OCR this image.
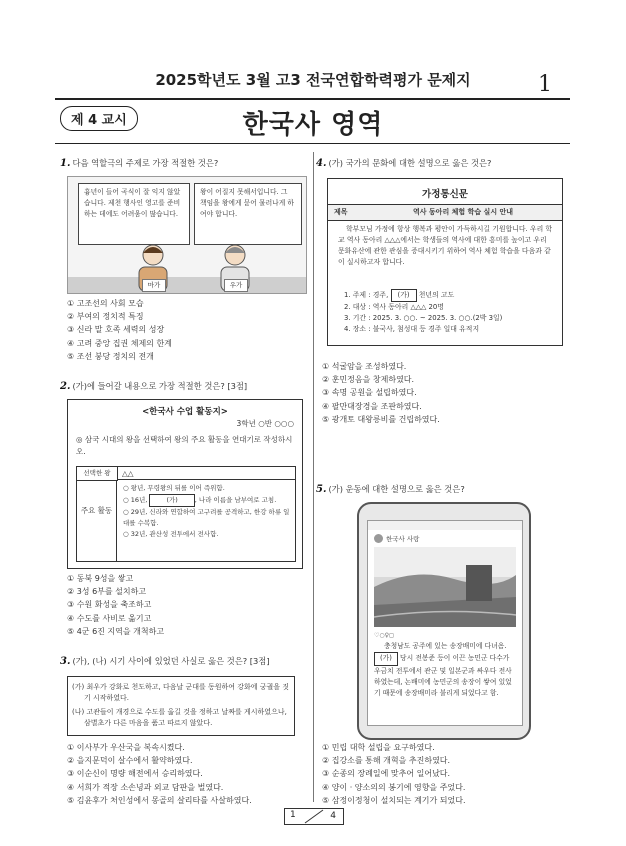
2025학년도 3월 고3 전국연합학력평가 문제지	1
제 4 교시	한국사 영역
1. 다음 역할극의 주제로 가장 적절한 것은?
흉년이 들어 곡식이 잘 익지 않았습니다. 제천 행사인 영고를 준비하는 데에도 어려움이 많습니다.
왕이 어질지 못해서입니다. 그 책임을 왕에게 묻어 물러나게 하여야 합니다.
마가	우가
① 고조선의 사회 모습
② 부여의 정치적 특징
③ 신라 말 호족 세력의 성장
④ 고려 중앙 집권 체제의 한계
⑤ 조선 붕당 정치의 전개
2. (가)에 들어갈 내용으로 가장 적절한 것은? [3점]
<한국사 수업 활동지>
3학년 ○반 ○○○
◎ 삼국 시대의 왕을 선택하여 왕의 주요 활동을 연대기로 작성하시오.
선택한 왕	△△
주요 활동
○ 왕년, 무령왕의 뒤를 이어 즉위함.
○ 16년,	(가)	, 나라 이름을 남부여로 고침.
○ 29년, 신라와 연합하여 고구려를 공격하고, 한강 하류 일대를 수복함.
○ 32년, 관산성 전투에서 전사함.
① 동북 9성을 쌓고
② 3성 6부를 설치하고
③ 수원 화성을 축조하고
④ 수도를 사비로 옮기고
⑤ 4군 6진 지역을 개척하고
3. (가), (나) 시기 사이에 있었던 사실로 옳은 것은? [3점]
(가) 최우가 강화로 천도하고, 다음날 군대를 동원하여 강화에 궁궐을 짓기 시작하였다.
(나) 고관들이 개경으로 수도를 옮길 것을 정하고 날짜를 게시하였으나, 삼별초가 다른 마음을 품고 따르지 않았다.
① 이사부가 우산국을 복속시켰다.
② 을지문덕이 살수에서 활약하였다.
③ 이순신이 명량 해전에서 승리하였다.
④ 서희가 적장 소손녕과 외교 담판을 벌였다.
⑤ 김윤후가 처인성에서 몽골의 살리타를 사살하였다.
4. (가) 국가의 문화에 대한 설명으로 옳은 것은?
가정통신문
제목	역사 동아리 체험 학습 실시 안내
학부모님 가정에 항상 행복과 평안이 가득하시길 기원합니다. 우리 학교 역사 동아리 △△△에서는 학생들의 역사에 대한 흥미를 높이고 우리 문화유산에 관한 관심을 증대시키기 위하여 역사 체험 학습을 다음과 같이 실시하고자 합니다.
1. 주제 : 경주, (가) 천년의 고도
2. 대상 : 역사 동아리 △△△ 20명
3. 기간 : 2025. 3. ○○. ~ 2025. 3. ○○.(2박 3일)
4. 장소 : 불국사, 첨성대 등 경주 일대 유적지
① 석굴암을 조성하였다.
② 훈민정음을 창제하였다.
③ 속명 공원을 설립하였다.
④ 팔만대장경을 조판하였다.
⑤ 광개토 대왕릉비를 건립하였다.
5. (가) 운동에 대한 설명으로 옳은 것은?
한국사 사랑
♡○♀◻
충청남도 공주에 있는 송장배미에 다녀옴. (가) 당시 전봉준 등이 이끈 농민군 다수가 우금치 전투에서 관군 및 일본군과 싸우다 전사하였는데, 논배미에 농민군의 송장이 쌓여 있었기 때문에 송장배미라 불리게 되었다고 함.
① 민립 대학 설립을 요구하였다.
② 집강소를 통해 개혁을 추진하였다.
③ 순종의 장례일에 맞추어 일어났다.
④ 양이 · 양소의의 봉기에 영향을 주었다.
⑤ 삼정이정청이 설치되는 계기가 되었다.
1	4
